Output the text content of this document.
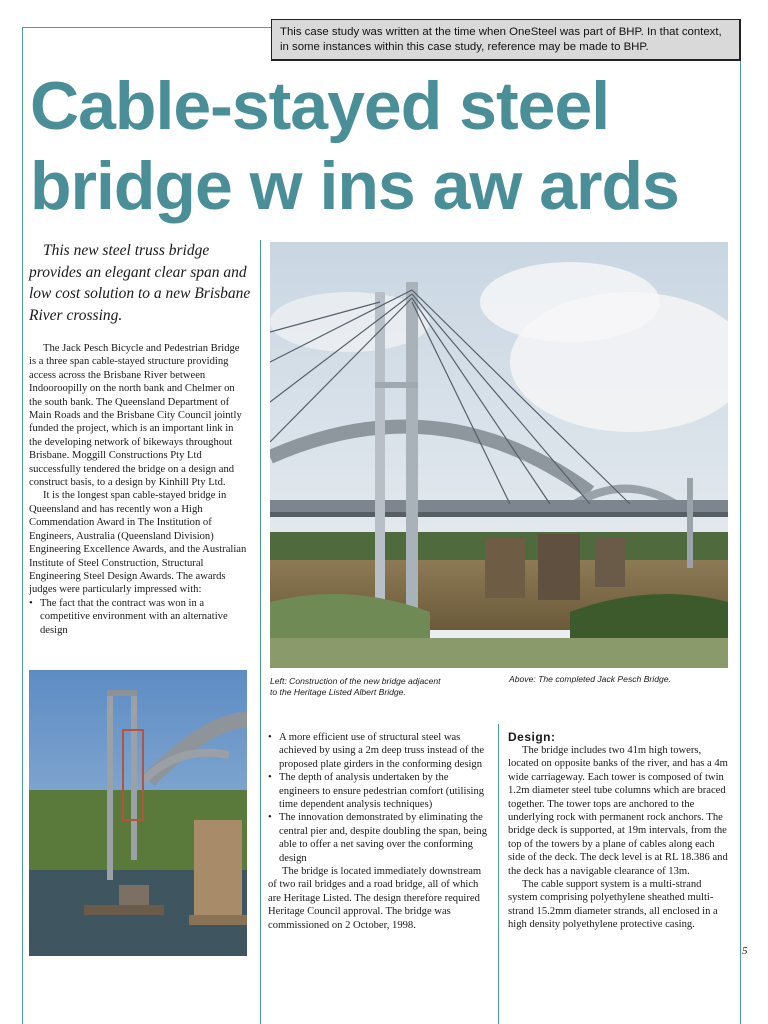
This case study was written at the time when OneSteel was part of BHP. In that context, in some instances within this case study, reference may be made to BHP.
Cable-stayed steel
bridge w ins aw ards

This new steel truss bridge provides an elegant clear span and low cost solution to a new Brisbane River crossing.

The Jack Pesch Bicycle and Pedestrian Bridge is a three span cable-stayed structure providing access across the Brisbane River between Indooroopilly on the north bank and Chelmer on the south bank. The Queensland Department of Main Roads and the Brisbane City Council jointly funded the project, which is an important link in the developing network of bikeways throughout Brisbane. Moggill Constructions Pty Ltd successfully tendered the bridge on a design and construct basis, to a design by Kinhill Pty Ltd.

It is the longest span cable-stayed bridge in Queensland and has recently won a High Commendation Award in The Institution of Engineers, Australia (Queensland Division) Engineering Excellence Awards, and the Australian Institute of Steel Construction, Structural Engineering Steel Design Awards. The awards judges were particularly impressed with:

• The fact that the contract was won in a competitive environment with an alternative design
Left: Construction of the new bridge adjacent to the Heritage Listed Albert Bridge.
Above: The completed Jack Pesch Bridge.
• A more efficient use of structural steel was achieved by using a 2m deep truss instead of the proposed plate girders in the conforming design
• The depth of analysis undertaken by the engineers to ensure pedestrian comfort (utilising time dependent analysis techniques)
• The innovation demonstrated by eliminating the central pier and, despite doubling the span, being able to offer a net saving over the conforming design

The bridge is located immediately downstream of two rail bridges and a road bridge, all of which are Heritage Listed. The design therefore required Heritage Council approval. The bridge was commissioned on 2 October, 1998.

Design:

The bridge includes two 41m high towers, located on opposite banks of the river, and has a 4m wide carriageway. Each tower is composed of twin 1.2m diameter steel tube columns which are braced together. The tower tops are anchored to the underlying rock with permanent rock anchors. The bridge deck is supported, at 19m intervals, from the top of the towers by a plane of cables along each side of the deck. The deck level is at RL 18.386 and the deck has a navigable clearance of 13m.

The cable support system is a multi-strand system comprising polyethylene sheathed multi-strand 15.2mm diameter strands, all enclosed in a high density polyethylene protective casing.

5
